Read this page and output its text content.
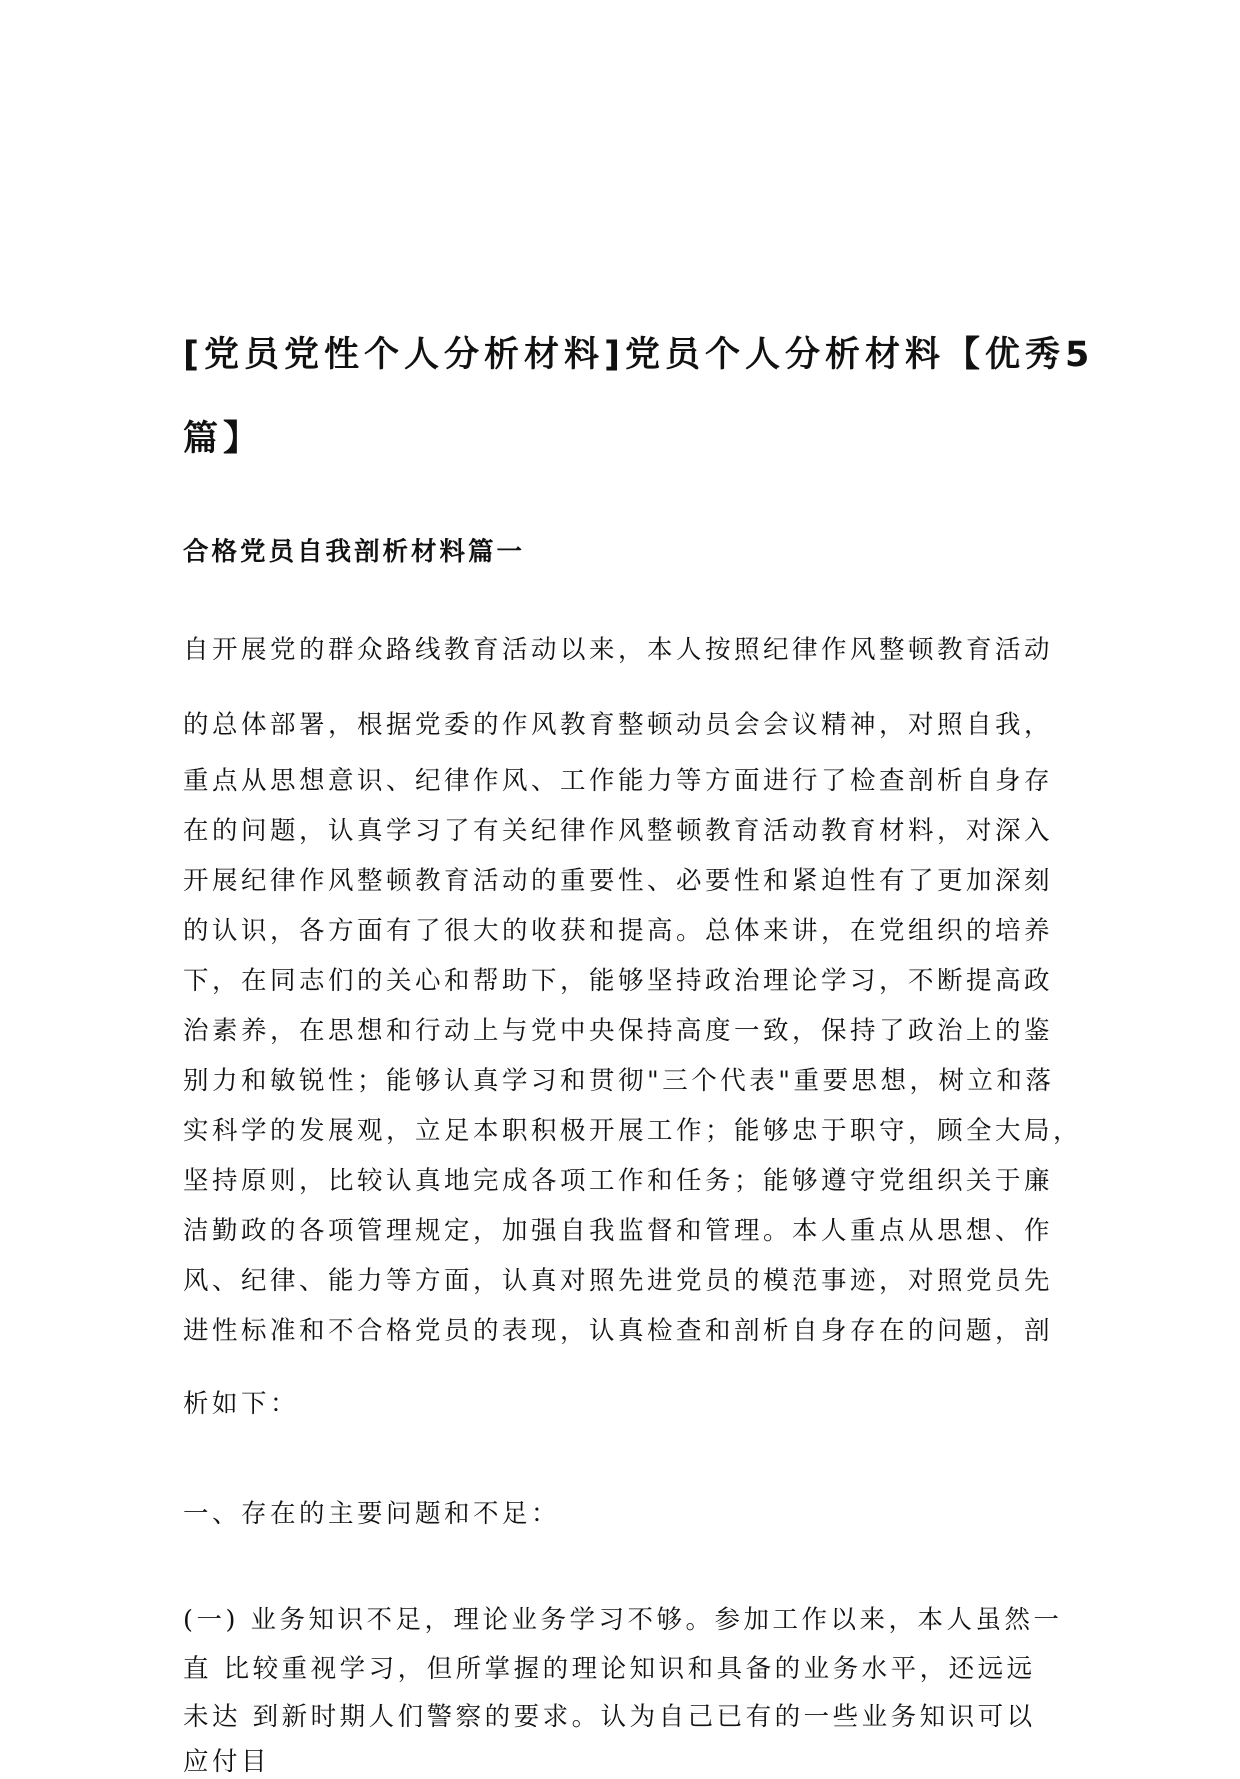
[党员党性个人分析材料]党员个人分析材料【优秀5
篇】
合格党员自我剖析材料篇一
自开展党的群众路线教育活动以来，本人按照纪律作风整顿教育活动
的总体部署，根据党委的作风教育整顿动员会会议精神，对照自我，
重点从思想意识、纪律作风、工作能力等方面进行了检查剖析自身存
在的问题，认真学习了有关纪律作风整顿教育活动教育材料，对深入
开展纪律作风整顿教育活动的重要性、必要性和紧迫性有了更加深刻
的认识，各方面有了很大的收获和提高。总体来讲，在党组织的培养
下，在同志们的关心和帮助下，能够坚持政治理论学习，不断提高政
治素养，在思想和行动上与党中央保持高度一致，保持了政治上的鉴
别力和敏锐性；能够认真学习和贯彻"三个代表"重要思想，树立和落
实科学的发展观，立足本职积极开展工作；能够忠于职守，顾全大局，
坚持原则，比较认真地完成各项工作和任务；能够遵守党组织关于廉
洁勤政的各项管理规定，加强自我监督和管理。本人重点从思想、作
风、纪律、能力等方面，认真对照先进党员的模范事迹，对照党员先
进性标准和不合格党员的表现，认真检查和剖析自身存在的问题，剖
析如下：
一、存在的主要问题和不足：
(一) 业务知识不足，理论业务学习不够。参加工作以来，本人虽然一
直 比较重视学习，但所掌握的理论知识和具备的业务水平，还远远
未达 到新时期人们警察的要求。认为自己已有的一些业务知识可以
应付目
